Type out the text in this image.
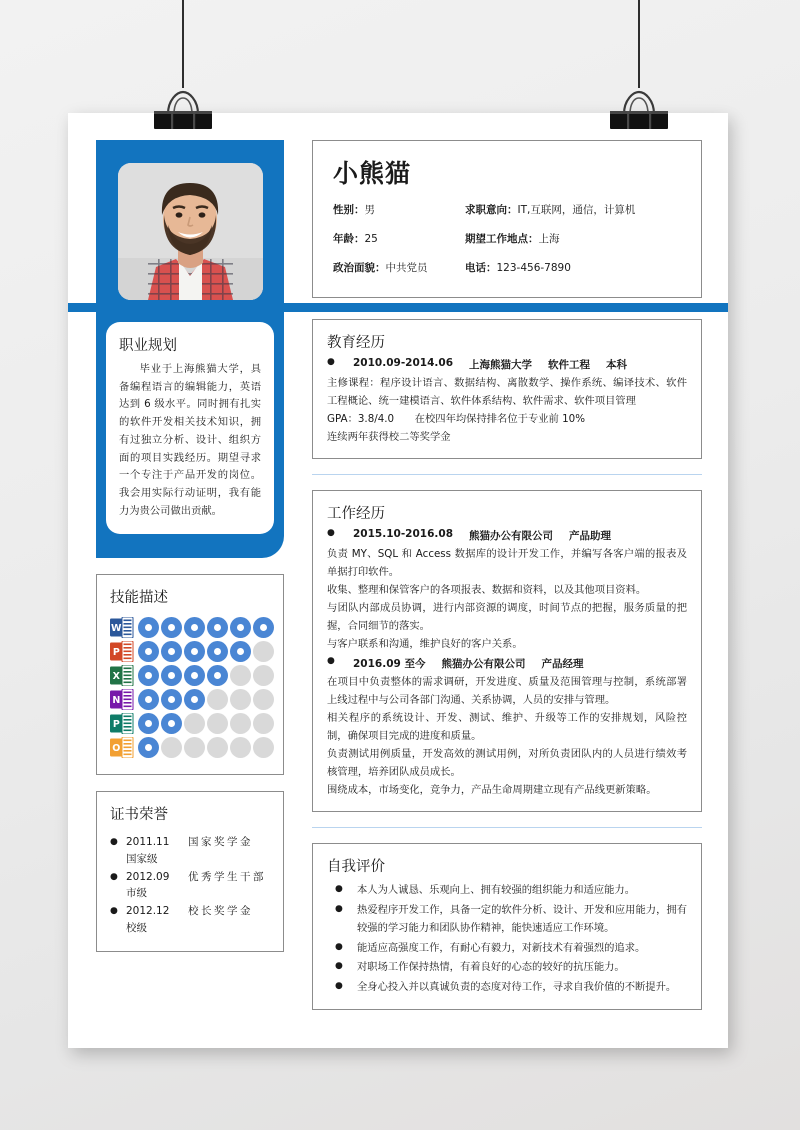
小熊猫
性别：男	求职意向：IT,互联网，通信，计算机
年龄：25	期望工作地点：上海
政治面貌：中共党员	电话：123-456-7890
职业规划
毕业于上海熊猫大学，具备编程语言的编辑能力，英语达到 6 级水平。同时拥有扎实的软件开发相关技术知识，拥有过独立分析、设计、组织方面的项目实践经历。期望寻求一个专注于产品开发的岗位。我会用实际行动证明，我有能力为贵公司做出贡献。
技能描述
W
P
X
N
P
O
证书荣誉
● 2011.11	国家奖学金
国家级
● 2012.09	优秀学生干部
市级
● 2012.12	校长奖学金
校级
教育经历
●	2010.09-2014.06 上海熊猫大学 软件工程 本科
主修课程：程序设计语言、数据结构、离散数学、操作系统、编译技术、软件工程概论、统一建模语言、软件体系结构、软件需求、软件项目管理
GPA：3.8/4.0　　在校四年均保持排名位于专业前 10%
连续两年获得校二等奖学金
工作经历
●	2015.10-2016.08 熊猫办公有限公司 产品助理
负责 MY、SQL 和 Access 数据库的设计开发工作，并编写各客户端的报表及单据打印软件。
收集、整理和保管客户的各项报表、数据和资料，以及其他项目资料。
与团队内部成员协调，进行内部资源的调度，时间节点的把握，服务质量的把握，合同细节的落实。
与客户联系和沟通，维护良好的客户关系。
●	2016.09 至今 熊猫办公有限公司 产品经理
在项目中负责整体的需求调研，开发进度、质量及范围管理与控制，系统部署上线过程中与公司各部门沟通、关系协调，人员的安排与管理。
相关程序的系统设计、开发、测试、维护、升级等工作的安排规划，风险控制，确保项目完成的进度和质量。
负责测试用例质量，开发高效的测试用例，对所负责团队内的人员进行绩效考核管理，培养团队成员成长。
围绕成本，市场变化，竞争力，产品生命周期建立现有产品线更新策略。
自我评价
●	本人为人诚恳、乐观向上、拥有较强的组织能力和适应能力。
●	热爱程序开发工作，具备一定的软件分析、设计、开发和应用能力，拥有较强的学习能力和团队协作精神，能快速适应工作环境。
●	能适应高强度工作，有耐心有毅力，对新技术有着强烈的追求。
●	对职场工作保持热情，有着良好的心态的较好的抗压能力。
●	全身心投入并以真诚负责的态度对待工作，寻求自我价值的不断提升。
